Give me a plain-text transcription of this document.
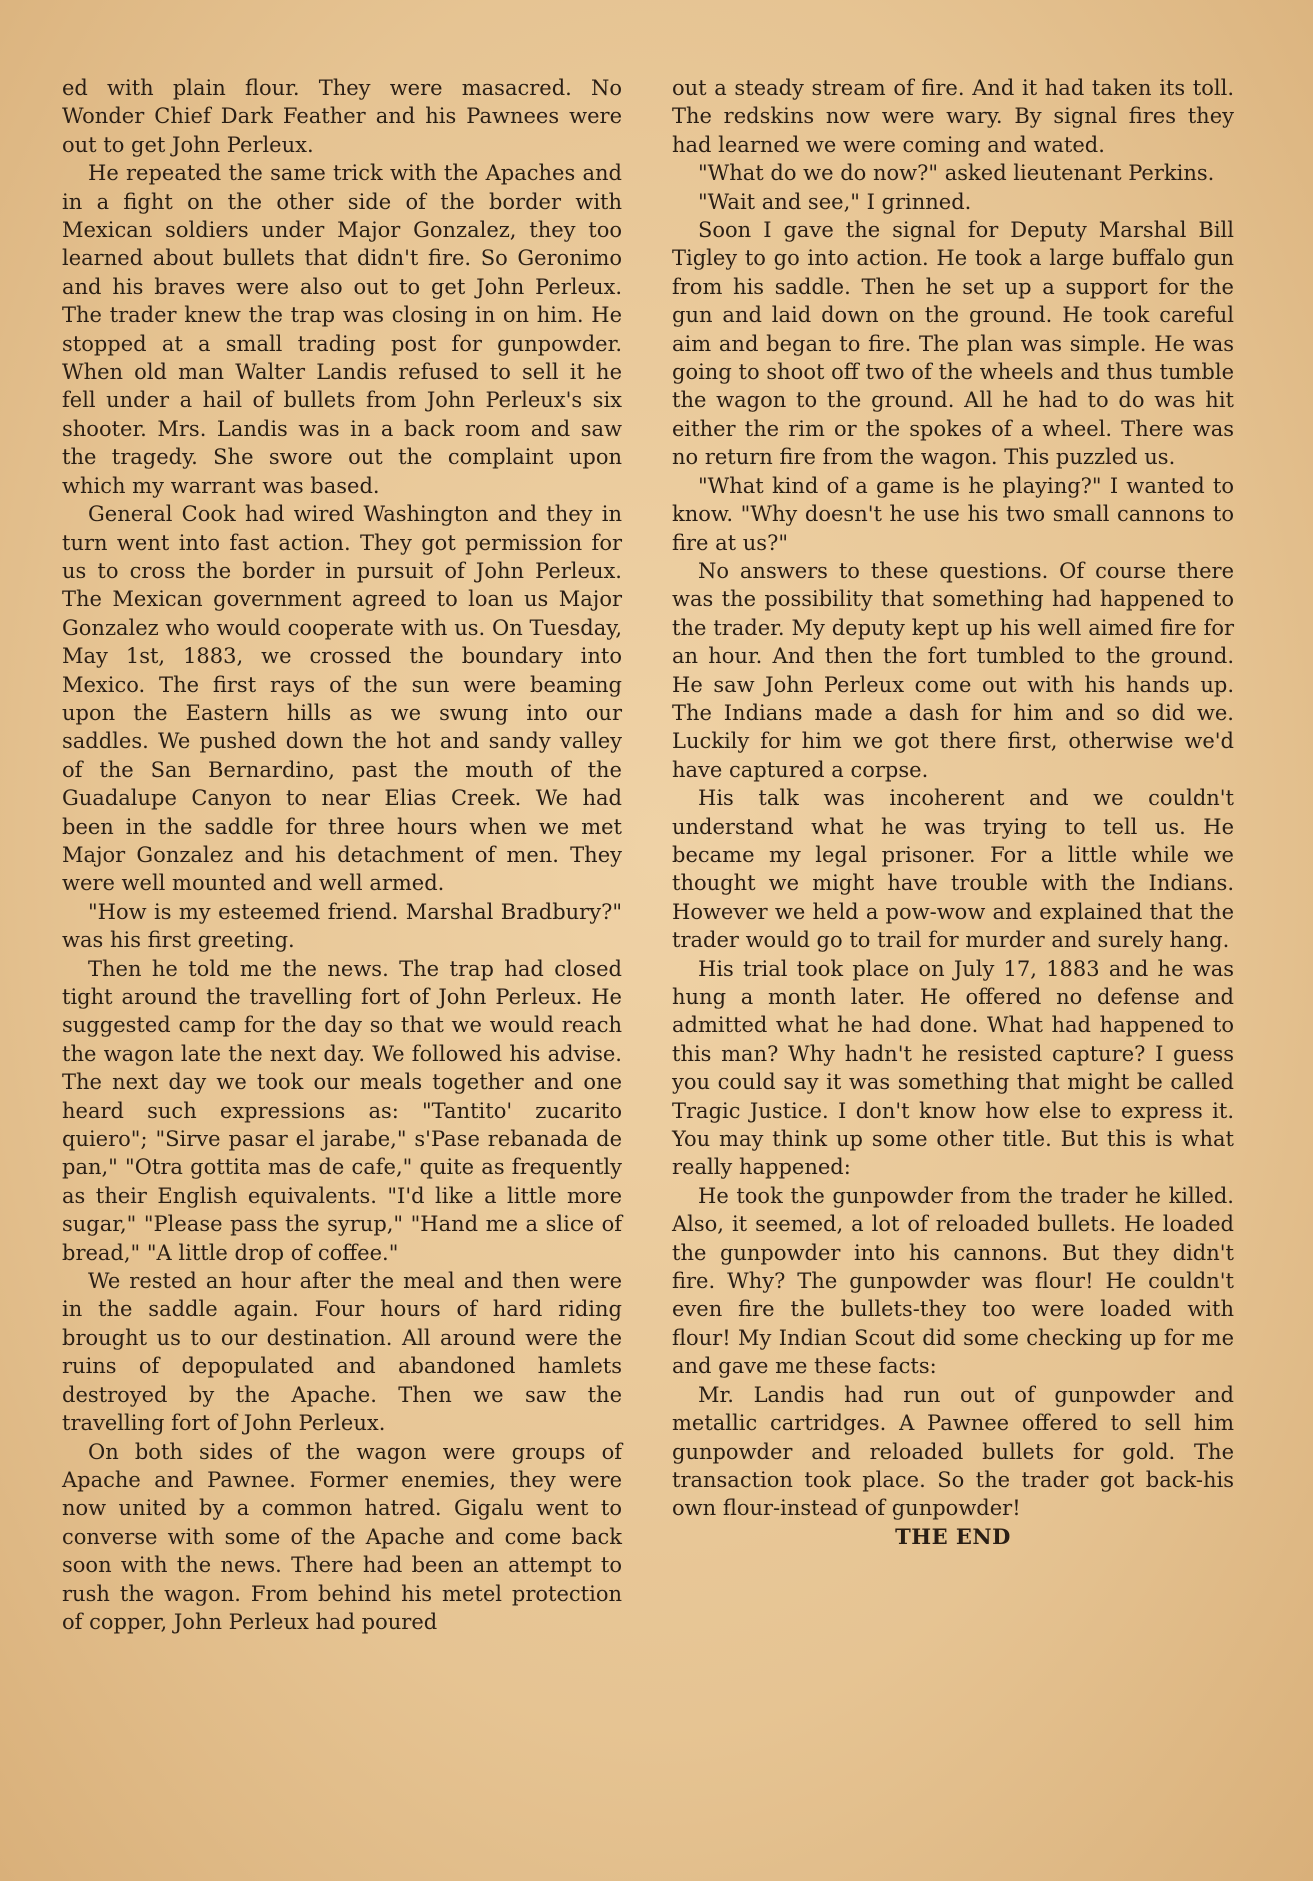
ed with plain flour. They were masacred. No Wonder Chief Dark Feather and his Pawnees were out to get John Perleux.

He repeated the same trick with the Apaches and in a fight on the other side of the border with Mexican soldiers under Major Gonzalez, they too learned about bullets that didn't fire. So Geronimo and his braves were also out to get John Perleux. The trader knew the trap was closing in on him. He stopped at a small trading post for gunpowder. When old man Walter Landis refused to sell it he fell under a hail of bullets from John Perleux's six shooter. Mrs. Landis was in a back room and saw the tragedy. She swore out the complaint upon which my warrant was based.

General Cook had wired Washington and they in turn went into fast action. They got permission for us to cross the border in pursuit of John Perleux. The Mexican government agreed to loan us Major Gonzalez who would cooperate with us. On Tuesday, May 1st, 1883, we crossed the boundary into Mexico. The first rays of the sun were beaming upon the Eastern hills as we swung into our saddles. We pushed down the hot and sandy valley of the San Bernardino, past the mouth of the Guadalupe Canyon to near Elias Creek. We had been in the saddle for three hours when we met Major Gonzalez and his detachment of men. They were well mounted and well armed.

"How is my esteemed friend. Marshal Bradbury?" was his first greeting.

Then he told me the news. The trap had closed tight around the travelling fort of John Perleux. He suggested camp for the day so that we would reach the wagon late the next day. We followed his advise. The next day we took our meals together and one heard such expressions as: "Tantito' zucarito quiero"; "Sirve pasar el jarabe," s'Pase rebanada de pan," "Otra gottita mas de cafe," quite as frequently as their English equivalents. "I'd like a little more sugar," "Please pass the syrup," "Hand me a slice of bread," "A little drop of coffee."

We rested an hour after the meal and then were in the saddle again. Four hours of hard riding brought us to our destination. All around were the ruins of depopulated and abandoned hamlets destroyed by the Apache. Then we saw the travelling fort of John Perleux.

On both sides of the wagon were groups of Apache and Pawnee. Former enemies, they were now united by a common hatred. Gigalu went to converse with some of the Apache and come back soon with the news. There had been an attempt to rush the wagon. From behind his metel protection of copper, John Perleux had poured

out a steady stream of fire. And it had taken its toll. The redskins now were wary. By signal fires they had learned we were coming and wated.

"What do we do now?" asked lieutenant Perkins.

"Wait and see," I grinned.

Soon I gave the signal for Deputy Marshal Bill Tigley to go into action. He took a large buffalo gun from his saddle. Then he set up a support for the gun and laid down on the ground. He took careful aim and began to fire. The plan was simple. He was going to shoot off two of the wheels and thus tumble the wagon to the ground. All he had to do was hit either the rim or the spokes of a wheel. There was no return fire from the wagon. This puzzled us.

"What kind of a game is he playing?" I wanted to know. "Why doesn't he use his two small cannons to fire at us?"

No answers to these questions. Of course there was the possibility that something had happened to the trader. My deputy kept up his well aimed fire for an hour. And then the fort tumbled to the ground. He saw John Perleux come out with his hands up. The Indians made a dash for him and so did we. Luckily for him we got there first, otherwise we'd have captured a corpse.

His talk was incoherent and we couldn't understand what he was trying to tell us. He became my legal prisoner. For a little while we thought we might have trouble with the Indians. However we held a pow-wow and explained that the trader would go to trail for murder and surely hang.

His trial took place on July 17, 1883 and he was hung a month later. He offered no defense and admitted what he had done. What had happened to this man? Why hadn't he resisted capture? I guess you could say it was something that might be called Tragic Justice. I don't know how else to express it. You may think up some other title. But this is what really happened:

He took the gunpowder from the trader he killed. Also, it seemed, a lot of reloaded bullets. He loaded the gunpowder into his cannons. But they didn't fire. Why? The gunpowder was flour! He couldn't even fire the bullets-they too were loaded with flour! My Indian Scout did some checking up for me and gave me these facts:

Mr. Landis had run out of gunpowder and metallic cartridges. A Pawnee offered to sell him gunpowder and reloaded bullets for gold. The transaction took place. So the trader got back-his own flour-instead of gunpowder!

THE END
